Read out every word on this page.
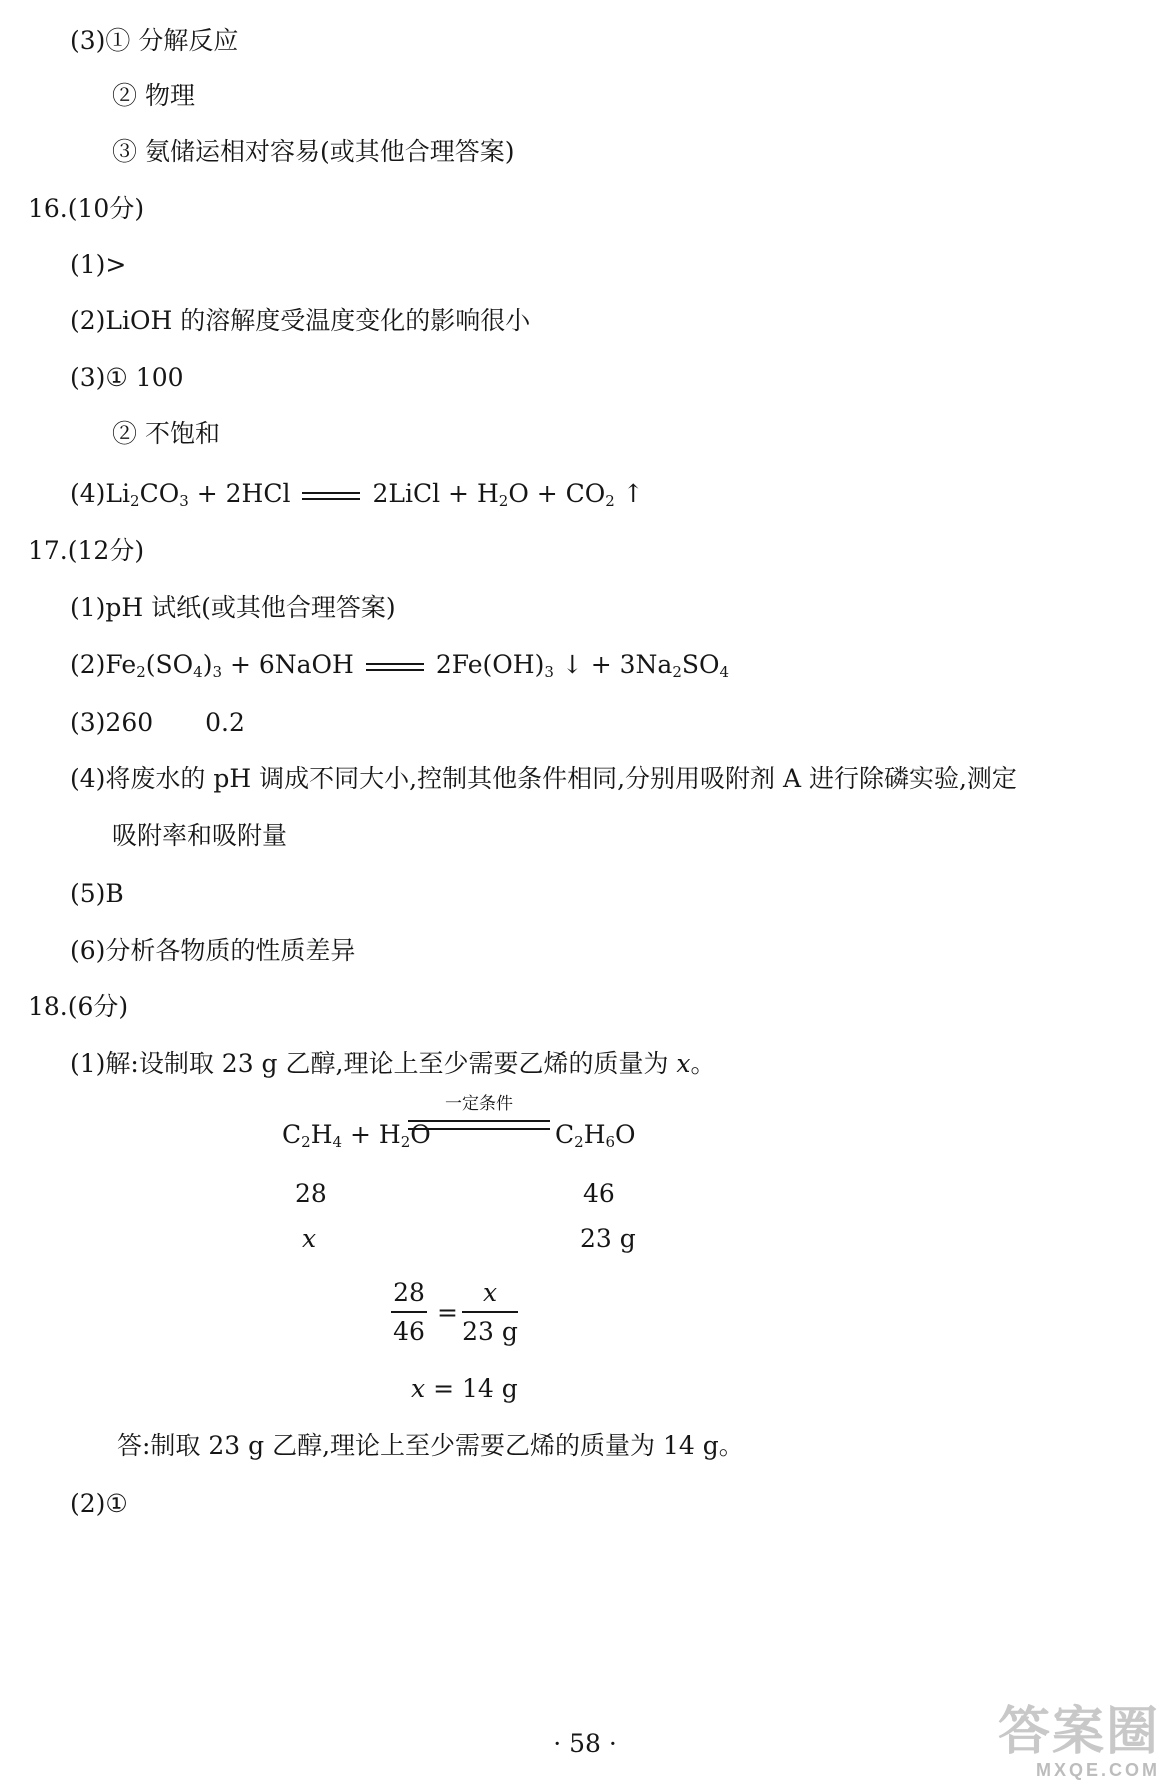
(3)① 分解反应
② 物理
③ 氨储运相对容易(或其他合理答案)
16.(10分)
(1)>
(2)LiOH 的溶解度受温度变化的影响很小
(3)① 100
② 不饱和
$(4)Li_2CO_3 + 2HCl$	2LiCl + $H_2O + CO_2$ ↑
17.(12分)
(1)pH 试纸(或其他合理答案)
$(2)Fe_2(SO_4)_3$ + 6NaOH	$2Fe(OH)_3$ ↓ + $3Na_2SO_4$
(3)260 0.2
(4)将废水的 pH 调成不同大小,控制其他条件相同,分别用吸附剂 A 进行除磷实验,测定
吸附率和吸附量
(5)B
(6)分析各物质的性质差异
18.(6分)
(1)解:设制取 23 g 乙醇,理论上至少需要乙烯的质量为 x。
$C_2H_4 + H_2O$
一定条件
$C_2H_6O$
28	46
x	23 g
28
46
=
x
23 g
x = 14 g
答:制取 23 g 乙醇,理论上至少需要乙烯的质量为 14 g。
(2)①
· 58 ·	答案圈
MXQE.COM
